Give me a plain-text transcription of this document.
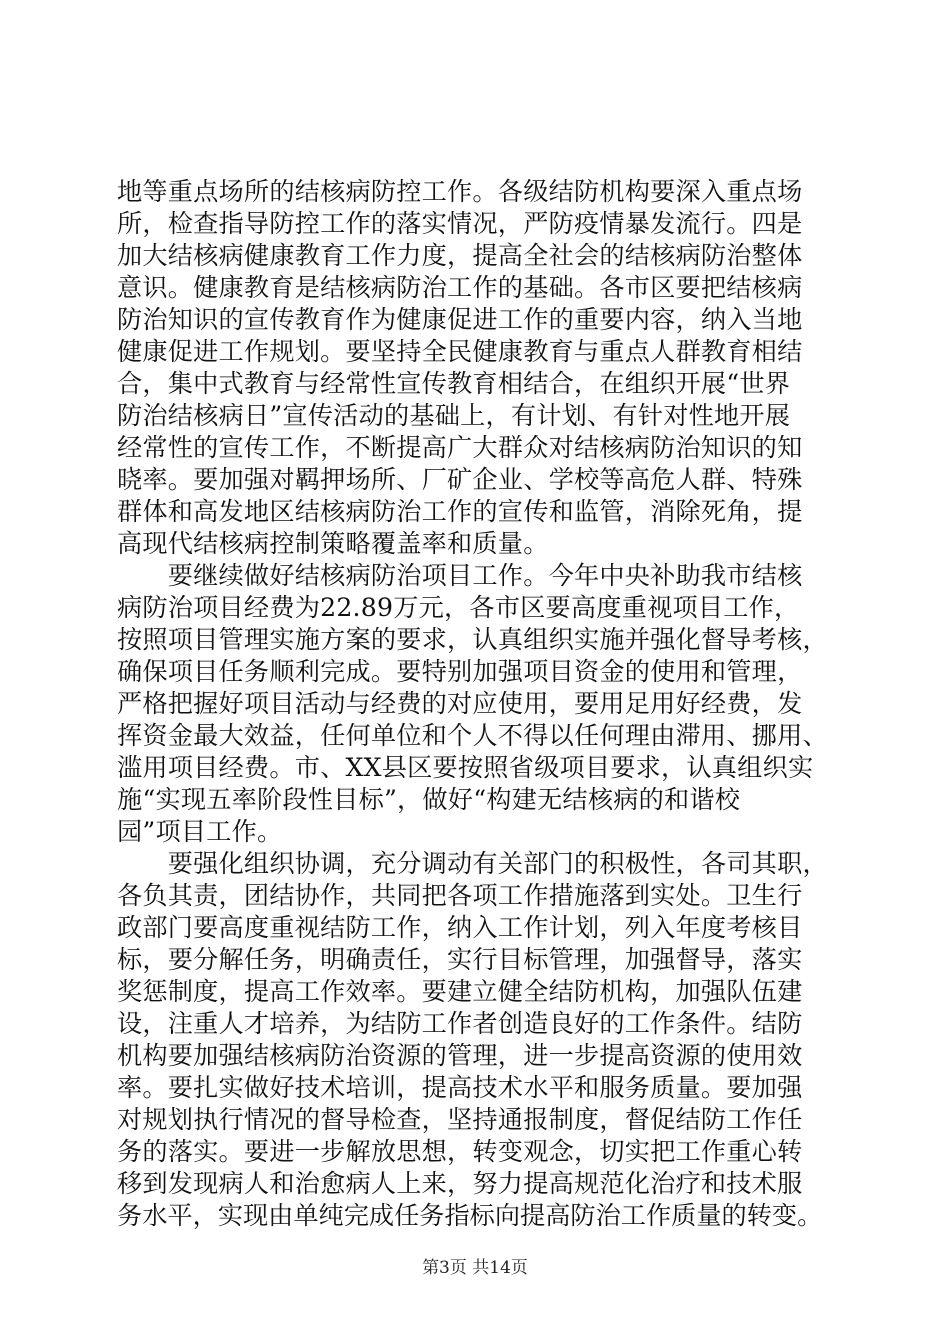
地等重点场所的结核病防控工作。各级结防机构要深入重点场
所，检查指导防控工作的落实情况，严防疫情暴发流行。四是
加大结核病健康教育工作力度，提高全社会的结核病防治整体
意识。健康教育是结核病防治工作的基础。各市区要把结核病
防治知识的宣传教育作为健康促进工作的重要内容，纳入当地
健康促进工作规划。要坚持全民健康教育与重点人群教育相结
合，集中式教育与经常性宣传教育相结合，在组织开展“世界
防治结核病日”宣传活动的基础上，有计划、有针对性地开展
经常性的宣传工作，不断提高广大群众对结核病防治知识的知
晓率。要加强对羁押场所、厂矿企业、学校等高危人群、特殊
群体和高发地区结核病防治工作的宣传和监管，消除死角，提
高现代结核病控制策略覆盖率和质量。
　　要继续做好结核病防治项目工作。今年中央补助我市结核
病防治项目经费为22.89万元，各市区要高度重视项目工作，
按照项目管理实施方案的要求，认真组织实施并强化督导考核，
确保项目任务顺利完成。要特别加强项目资金的使用和管理，
严格把握好项目活动与经费的对应使用，要用足用好经费，发
挥资金最大效益，任何单位和个人不得以任何理由滞用、挪用、
滥用项目经费。市、XX县区要按照省级项目要求，认真组织实
施“实现五率阶段性目标”，做好“构建无结核病的和谐校
园”项目工作。
　　要强化组织协调，充分调动有关部门的积极性，各司其职，
各负其责，团结协作，共同把各项工作措施落到实处。卫生行
政部门要高度重视结防工作，纳入工作计划，列入年度考核目
标，要分解任务，明确责任，实行目标管理，加强督导，落实
奖惩制度，提高工作效率。要建立健全结防机构，加强队伍建
设，注重人才培养，为结防工作者创造良好的工作条件。结防
机构要加强结核病防治资源的管理，进一步提高资源的使用效
率。要扎实做好技术培训，提高技术水平和服务质量。要加强
对规划执行情况的督导检查，坚持通报制度，督促结防工作任
务的落实。要进一步解放思想，转变观念，切实把工作重心转
移到发现病人和治愈病人上来，努力提高规范化治疗和技术服
务水平，实现由单纯完成任务指标向提高防治工作质量的转变。
第3页 共14页
